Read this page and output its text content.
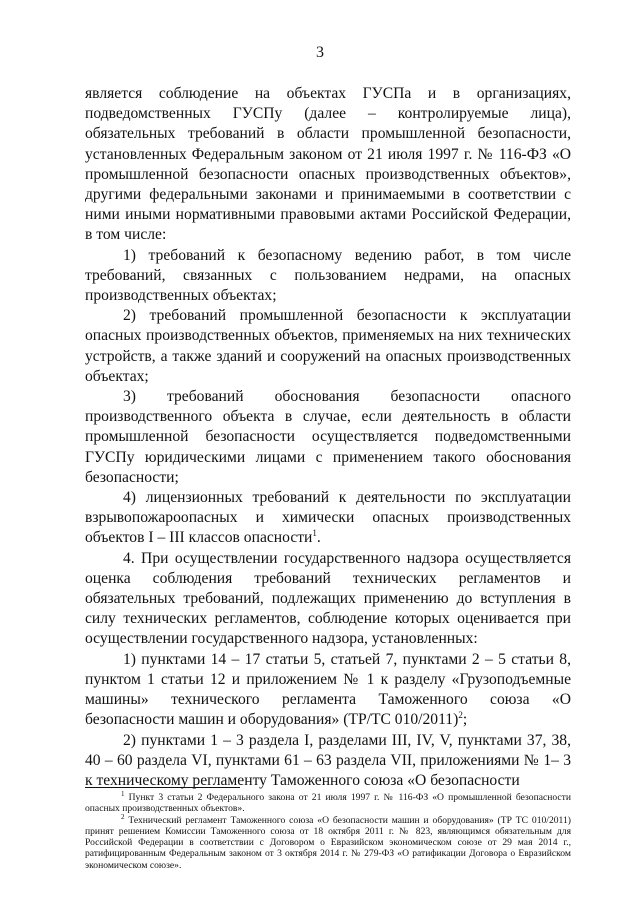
3

является соблюдение на объектах ГУСПа и в организациях, подведомственных ГУСПу (далее – контролируемые лица), обязательных требований в области промышленной безопасности, установленных Федеральным законом от 21 июля 1997 г. № 116-ФЗ «О промышленной безопасности опасных производственных объектов», другими федеральными законами и принимаемыми в соответствии с ними иными нормативными правовыми актами Российской Федерации, в том числе:

1) требований к безопасному ведению работ, в том числе требований, связанных с пользованием недрами, на опасных производственных объектах;

2) требований промышленной безопасности к эксплуатации опасных производственных объектов, применяемых на них технических устройств, а также зданий и сооружений на опасных производственных объектах;

3) требований обоснования безопасности опасного производственного объекта в случае, если деятельность в области промышленной безопасности осуществляется подведомственными ГУСПу юридическими лицами с применением такого обоснования безопасности;

4) лицензионных требований к деятельности по эксплуатации взрывопожароопасных и химически опасных производственных объектов I – III классов опасности$^1$.

4. При осуществлении государственного надзора осуществляется оценка соблюдения требований технических регламентов и обязательных требований, подлежащих применению до вступления в силу технических регламентов, соблюдение которых оценивается при осуществлении государственного надзора, установленных:

1) пунктами 14 – 17 статьи 5, статьей 7, пунктами 2 – 5 статьи 8, пунктом 1 статьи 12 и приложением № 1 к разделу «Грузоподъемные машины» технического регламента Таможенного союза «О безопасности машин и оборудования» (ТР/ТС 010/2011)$^2$;

2) пунктами 1 – 3 раздела I, разделами III, IV, V, пунктами 37, 38, 40 – 60 раздела VI, пунктами 61 – 63 раздела VII, приложениями № 1– 3 к техническому регламенту Таможенного союза «О безопасности

$^1$ Пункт 3 статьи 2 Федерального закона от 21 июля 1997 г. № 116-ФЗ «О промышленной безопасности опасных производственных объектов».

$^2$ Технический регламент Таможенного союза «О безопасности машин и оборудования» (ТР ТС 010/2011) принят решением Комиссии Таможенного союза от 18 октября 2011 г. № 823, являющимся обязательным для Российской Федерации в соответствии с Договором о Евразийском экономическом союзе от 29 мая 2014 г., ратифицированным Федеральным законом от 3 октября 2014 г. № 279-ФЗ «О ратификации Договора о Евразийском экономическом союзе».
